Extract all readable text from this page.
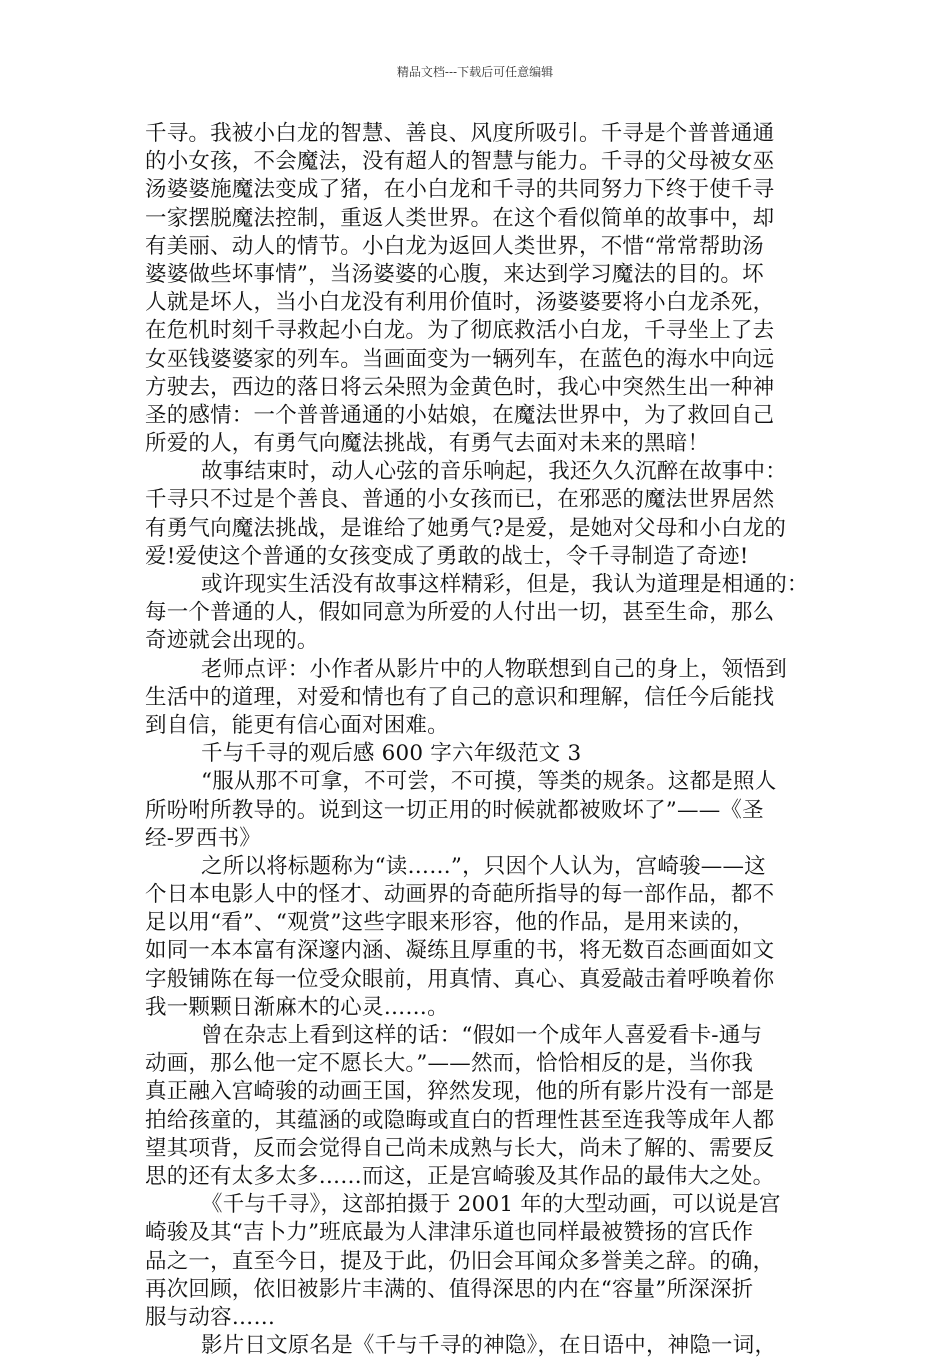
精品文档---下载后可任意编辑
千寻。我被小白龙的智慧、善良、风度所吸引。千寻是个普普通通
的小女孩，不会魔法，没有超人的智慧与能力。千寻的父母被女巫
汤婆婆施魔法变成了猪，在小白龙和千寻的共同努力下终于使千寻
一家摆脱魔法控制，重返人类世界。在这个看似简单的故事中，却
有美丽、动人的情节。小白龙为返回人类世界，不惜“常常帮助汤
婆婆做些坏事情”，当汤婆婆的心腹，来达到学习魔法的目的。坏
人就是坏人，当小白龙没有利用价值时，汤婆婆要将小白龙杀死，
在危机时刻千寻救起小白龙。为了彻底救活小白龙，千寻坐上了去
女巫钱婆婆家的列车。当画面变为一辆列车，在蓝色的海水中向远
方驶去，西边的落日将云朵照为金黄色时，我心中突然生出一种神
圣的感情：一个普普通通的小姑娘，在魔法世界中，为了救回自己
所爱的人，有勇气向魔法挑战，有勇气去面对未来的黑暗！
故事结束时，动人心弦的音乐响起，我还久久沉醉在故事中：
千寻只不过是个善良、普通的小女孩而已，在邪恶的魔法世界居然
有勇气向魔法挑战，是谁给了她勇气?是爱，是她对父母和小白龙的
爱!爱使这个普通的女孩变成了勇敢的战士，令千寻制造了奇迹!
或许现实生活没有故事这样精彩，但是，我认为道理是相通的：
每一个普通的人，假如同意为所爱的人付出一切，甚至生命，那么
奇迹就会出现的。
老师点评：小作者从影片中的人物联想到自己的身上，领悟到
生活中的道理，对爱和情也有了自己的意识和理解，信任今后能找
到自信，能更有信心面对困难。
千与千寻的观后感 600 字六年级范文 3
“服从那不可拿，不可尝，不可摸，等类的规条。这都是照人
所吩咐所教导的。说到这一切正用的时候就都被败坏了”——《圣
经-罗西书》
之所以将标题称为“读……”，只因个人认为，宫崎骏——这
个日本电影人中的怪才、动画界的奇葩所指导的每一部作品，都不
足以用“看”、“观赏”这些字眼来形容，他的作品，是用来读的，
如同一本本富有深邃内涵、凝练且厚重的书，将无数百态画面如文
字般铺陈在每一位受众眼前，用真情、真心、真爱敲击着呼唤着你
我一颗颗日渐麻木的心灵……。
曾在杂志上看到这样的话：“假如一个成年人喜爱看卡-通与
动画，那么他一定不愿长大。”——然而，恰恰相反的是，当你我
真正融入宫崎骏的动画王国，猝然发现，他的所有影片没有一部是
拍给孩童的，其蕴涵的或隐晦或直白的哲理性甚至连我等成年人都
望其项背，反而会觉得自己尚未成熟与长大，尚未了解的、需要反
思的还有太多太多……而这，正是宫崎骏及其作品的最伟大之处。
《千与千寻》，这部拍摄于 2001 年的大型动画，可以说是宫
崎骏及其“吉卜力”班底最为人津津乐道也同样最被赞扬的宫氏作
品之一，直至今日，提及于此，仍旧会耳闻众多誉美之辞。的确，
再次回顾，依旧被影片丰满的、值得深思的内在“容量”所深深折
服与动容……
影片日文原名是《千与千寻的神隐》，在日语中，神隐一词，
